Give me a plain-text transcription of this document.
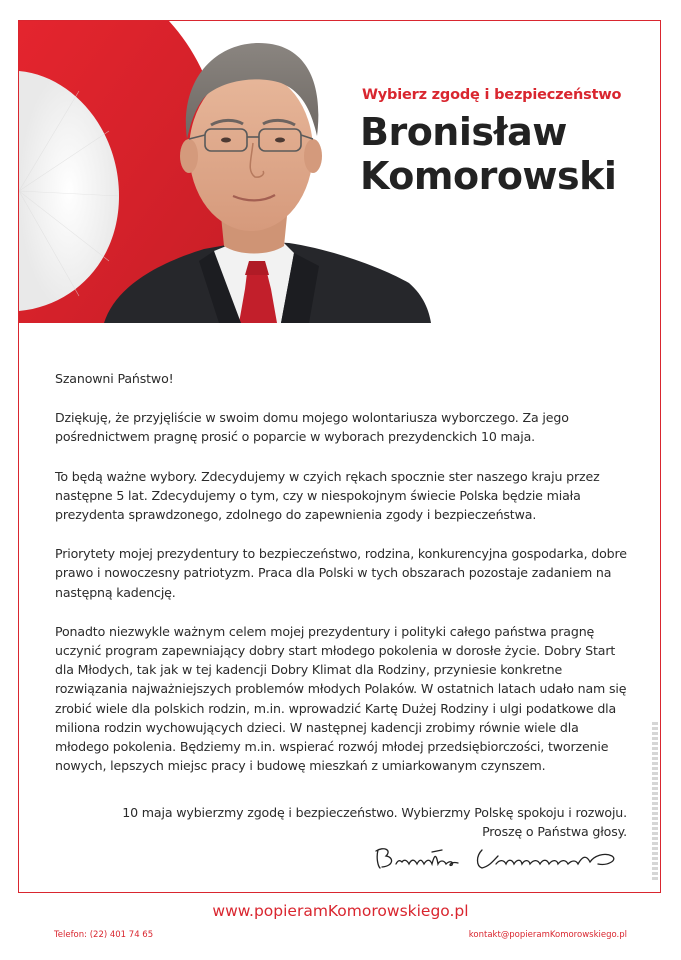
Wybierz zgodę i bezpieczeństwo
Bronisław
Komorowski

Szanowni Państwo!

Dziękuję, że przyjęliście w swoim domu mojego wolontariusza wyborczego. Za jego pośrednictwem pragnę prosić o poparcie w wyborach prezydenckich 10 maja.

To będą ważne wybory. Zdecydujemy w czyich rękach spocznie ster naszego kraju przez następne 5 lat. Zdecydujemy o tym, czy w niespokojnym świecie Polska będzie miała prezydenta sprawdzonego, zdolnego do zapewnienia zgody i bezpieczeństwa.

Priorytety mojej prezydentury to bezpieczeństwo, rodzina, konkurencyjna gospodarka, dobre prawo i nowoczesny patriotyzm. Praca dla Polski w tych obszarach pozostaje zadaniem na następną kadencję.

Ponadto niezwykle ważnym celem mojej prezydentury i polityki całego państwa pragnę uczynić program zapewniający dobry start młodego pokolenia w dorosłe życie. Dobry Start dla Młodych, tak jak w tej kadencji Dobry Klimat dla Rodziny, przyniesie konkretne rozwiązania najważniejszych problemów młodych Polaków. W ostatnich latach udało nam się zrobić wiele dla polskich rodzin, m.in. wprowadzić Kartę Dużej Rodziny i ulgi podatkowe dla miliona rodzin wychowujących dzieci. W następnej kadencji zrobimy równie wiele dla młodego pokolenia. Będziemy m.in. wspierać rozwój młodej przedsiębiorczości, tworzenie nowych, lepszych miejsc pracy i budowę mieszkań z umiarkowanym czynszem.

10 maja wybierzmy zgodę i bezpieczeństwo. Wybierzmy Polskę spokoju i rozwoju.
Proszę o Państwa głosy.
www.popieramKomorowskiego.pl
Telefon: (22) 401 74 65	kontakt@popieramKomorowskiego.pl
